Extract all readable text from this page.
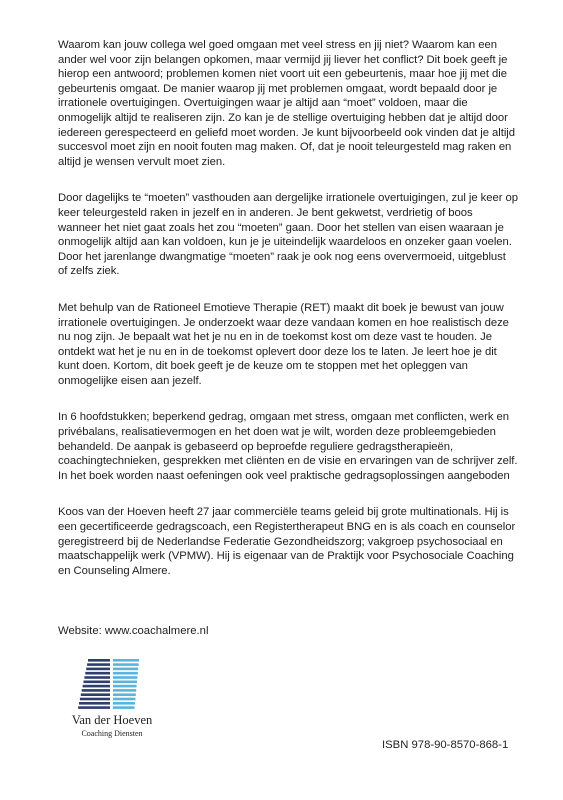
Waarom kan jouw collega wel goed omgaan met veel stress en jij niet? Waarom kan een ander wel voor zijn belangen opkomen, maar vermijd jij liever het conflict? Dit boek geeft je hierop een antwoord; problemen komen niet voort uit een gebeurtenis, maar hoe jij met die gebeurtenis omgaat. De manier waarop jij met problemen omgaat, wordt bepaald door je irrationele overtuigingen. Overtuigingen waar je altijd aan “moet” voldoen, maar die onmogelijk altijd te realiseren zijn. Zo kan je de stellige overtuiging hebben dat je altijd door iedereen gerespecteerd en geliefd moet worden. Je kunt bijvoorbeeld ook vinden dat je altijd succesvol moet zijn en nooit fouten mag maken. Of, dat je nooit teleurgesteld mag raken en altijd je wensen vervult moet zien.

Door dagelijks te “moeten” vasthouden aan dergelijke irrationele overtuigingen, zul je keer op keer teleurgesteld raken in jezelf en in anderen. Je bent gekwetst, verdrietig of boos wanneer het niet gaat zoals het zou “moeten” gaan. Door het stellen van eisen waaraan je onmogelijk altijd aan kan voldoen, kun je je uiteindelijk waardeloos en onzeker gaan voelen. Door het jarenlange dwangmatige “moeten” raak je ook nog eens oververmoeid, uitgeblust of zelfs ziek.

Met behulp van de Rationeel Emotieve Therapie (RET) maakt dit boek je bewust van jouw irrationele overtuigingen. Je onderzoekt waar deze vandaan komen en hoe realistisch deze nu nog zijn. Je bepaalt wat het je nu en in de toekomst kost om deze vast te houden. Je ontdekt wat het je nu en in de toekomst oplevert door deze los te laten. Je leert hoe je dit kunt doen. Kortom, dit boek geeft je de keuze om te stoppen met het opleggen van onmogelijke eisen aan jezelf.

In 6 hoofdstukken; beperkend gedrag, omgaan met stress, omgaan met conflicten, werk en privébalans, realisatievermogen en het doen wat je wilt, worden deze probleemgebieden behandeld. De aanpak is gebaseerd op beproefde reguliere gedragstherapieën, coachingtechnieken, gesprekken met cliënten en de visie en ervaringen van de schrijver zelf. In het boek worden naast oefeningen ook veel praktische gedragsoplossingen aangeboden

Koos van der Hoeven heeft 27 jaar commerciële teams geleid bij grote multinationals. Hij is een gecertificeerde gedragscoach, een Registertherapeut BNG en is als coach en counselor geregistreerd bij de Nederlandse Federatie Gezondheidszorg; vakgroep psychosociaal en maatschappelijk werk (VPMW). Hij is eigenaar van de Praktijk voor Psychosociale Coaching en Counseling Almere.

Website: www.coachalmere.nl
Van der Hoeven
Coaching Diensten
ISBN 978-90-8570-868-1
